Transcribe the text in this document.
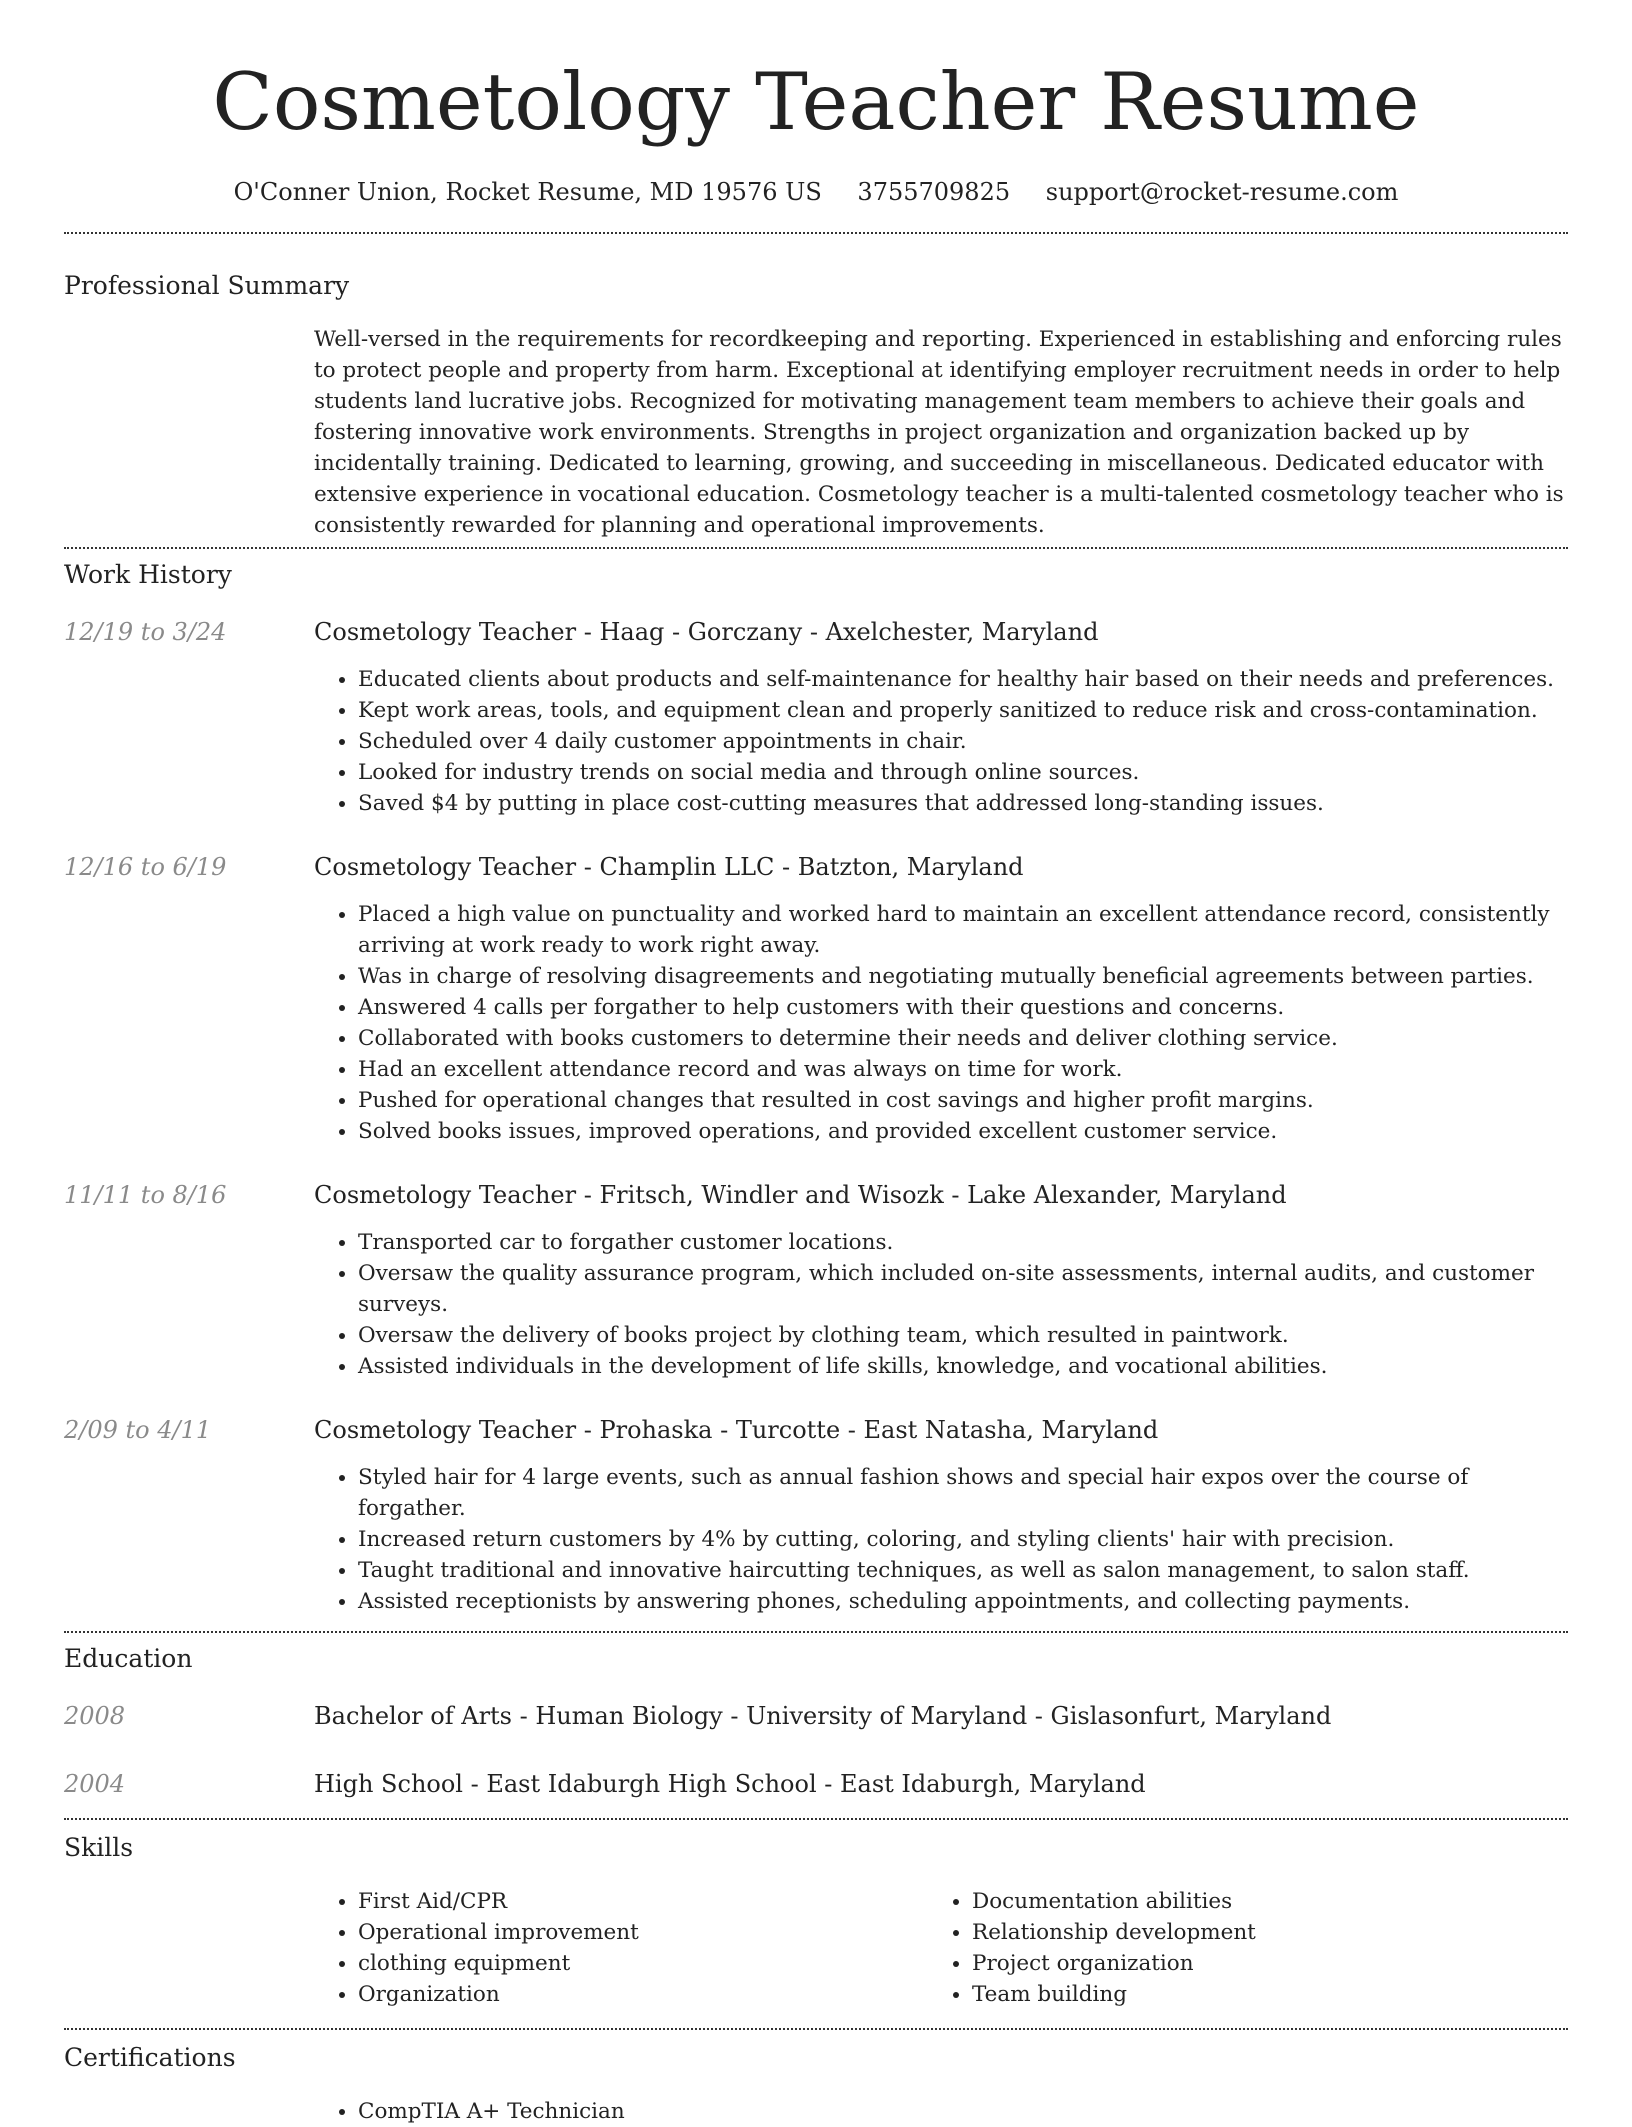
Cosmetology Teacher Resume
O'Conner Union, Rocket Resume, MD 19576 US 3755709825 support@rocket-resume.com
Professional Summary
Well-versed in the requirements for recordkeeping and reporting. Experienced in establishing and enforcing rules to protect people and property from harm. Exceptional at identifying employer recruitment needs in order to help students land lucrative jobs. Recognized for motivating management team members to achieve their goals and fostering innovative work environments. Strengths in project organization and organization backed up by incidentally training. Dedicated to learning, growing, and succeeding in miscellaneous. Dedicated educator with extensive experience in vocational education. Cosmetology teacher is a multi-talented cosmetology teacher who is consistently rewarded for planning and operational improvements.
Work History
12/19 to 3/24	Cosmetology Teacher - Haag - Gorczany - Axelchester, Maryland
• Educated clients about products and self-maintenance for healthy hair based on their needs and preferences.
• Kept work areas, tools, and equipment clean and properly sanitized to reduce risk and cross-contamination.
• Scheduled over 4 daily customer appointments in chair.
• Looked for industry trends on social media and through online sources.
• Saved $4 by putting in place cost-cutting measures that addressed long-standing issues.
12/16 to 6/19	Cosmetology Teacher - Champlin LLC - Batzton, Maryland
• Placed a high value on punctuality and worked hard to maintain an excellent attendance record, consistently arriving at work ready to work right away.
• Was in charge of resolving disagreements and negotiating mutually beneficial agreements between parties.
• Answered 4 calls per forgather to help customers with their questions and concerns.
• Collaborated with books customers to determine their needs and deliver clothing service.
• Had an excellent attendance record and was always on time for work.
• Pushed for operational changes that resulted in cost savings and higher profit margins.
• Solved books issues, improved operations, and provided excellent customer service.
11/11 to 8/16	Cosmetology Teacher - Fritsch, Windler and Wisozk - Lake Alexander, Maryland
• Transported car to forgather customer locations.
• Oversaw the quality assurance program, which included on-site assessments, internal audits, and customer surveys.
• Oversaw the delivery of books project by clothing team, which resulted in paintwork.
• Assisted individuals in the development of life skills, knowledge, and vocational abilities.
2/09 to 4/11	Cosmetology Teacher - Prohaska - Turcotte - East Natasha, Maryland
• Styled hair for 4 large events, such as annual fashion shows and special hair expos over the course of forgather.
• Increased return customers by 4% by cutting, coloring, and styling clients' hair with precision.
• Taught traditional and innovative haircutting techniques, as well as salon management, to salon staff.
• Assisted receptionists by answering phones, scheduling appointments, and collecting payments.
Education
2008	Bachelor of Arts - Human Biology - University of Maryland - Gislasonfurt, Maryland
2004	High School - East Idaburgh High School - East Idaburgh, Maryland
Skills
• First Aid/CPR
• Operational improvement
• clothing equipment
• Organization
• Documentation abilities
• Relationship development
• Project organization
• Team building
Certifications
• CompTIA A+ Technician
